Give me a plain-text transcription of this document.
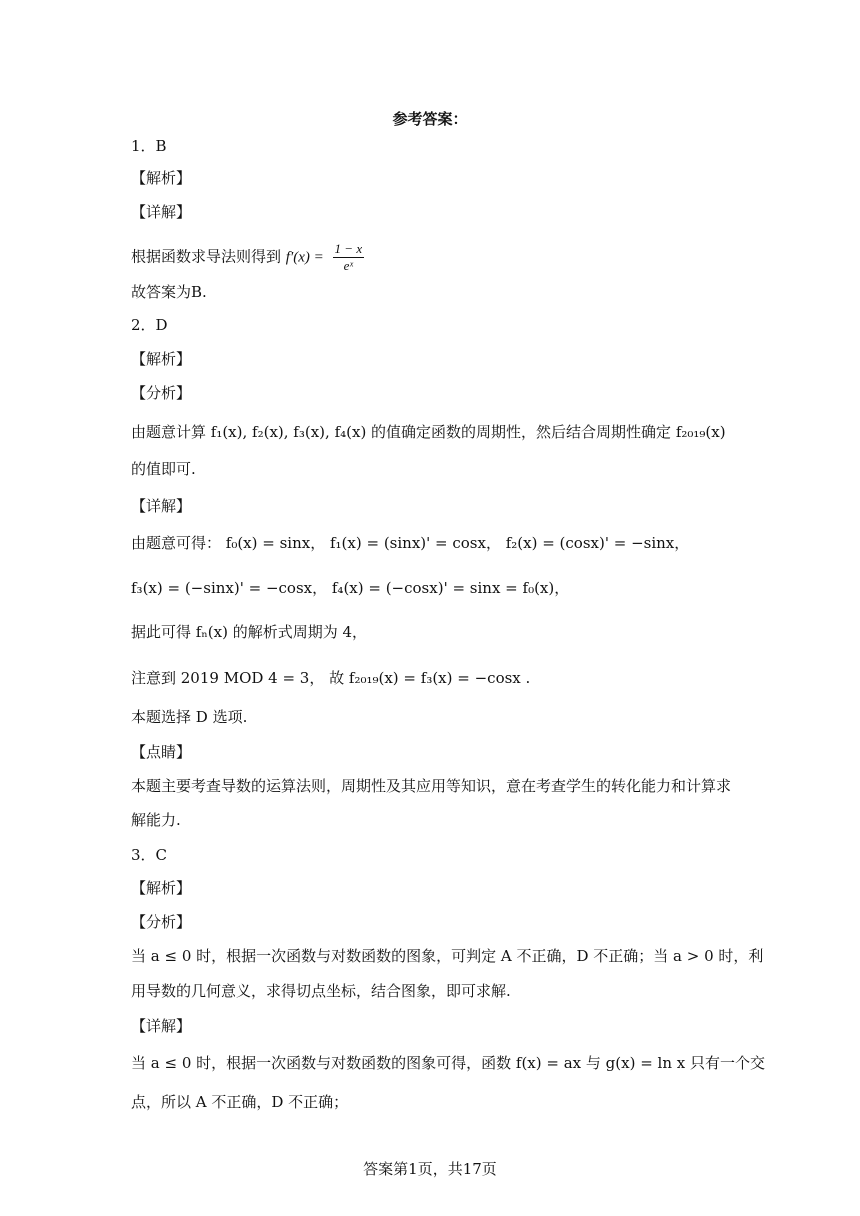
参考答案：
1．B
【解析】
【详解】
根据函数求导法则得到 $f'(x) = \frac{1 - x}{\text{eˣ}}$
故答案为B.
2．D
【解析】
【分析】
由题意计算 f₁(x), f₂(x), f₃(x), f₄(x) 的值确定函数的周期性，然后结合周期性确定 f₂₀₁₉(x)
的值即可.
【详解】
由题意可得： f₀(x) = sinx， f₁(x) = (sinx)' = cosx， f₂(x) = (cosx)' = −sinx，
f₃(x) = (−sinx)' = −cosx， f₄(x) = (−cosx)' = sinx = f₀(x)，
据此可得 fₙ(x) 的解析式周期为 4，
注意到 2019 MOD 4 = 3， 故 f₂₀₁₉(x) = f₃(x) = −cosx .
本题选择 D 选项.
【点睛】
本题主要考查导数的运算法则，周期性及其应用等知识，意在考查学生的转化能力和计算求
解能力.
3．C
【解析】
【分析】
当 a ≤ 0 时，根据一次函数与对数函数的图象，可判定 A 不正确，D 不正确；当 a > 0 时，利
用导数的几何意义，求得切点坐标，结合图象，即可求解.
【详解】
当 a ≤ 0 时，根据一次函数与对数函数的图象可得，函数 f(x) = ax 与 g(x) = ln x 只有一个交
点，所以 A 不正确，D 不正确；
答案第1页，共17页
